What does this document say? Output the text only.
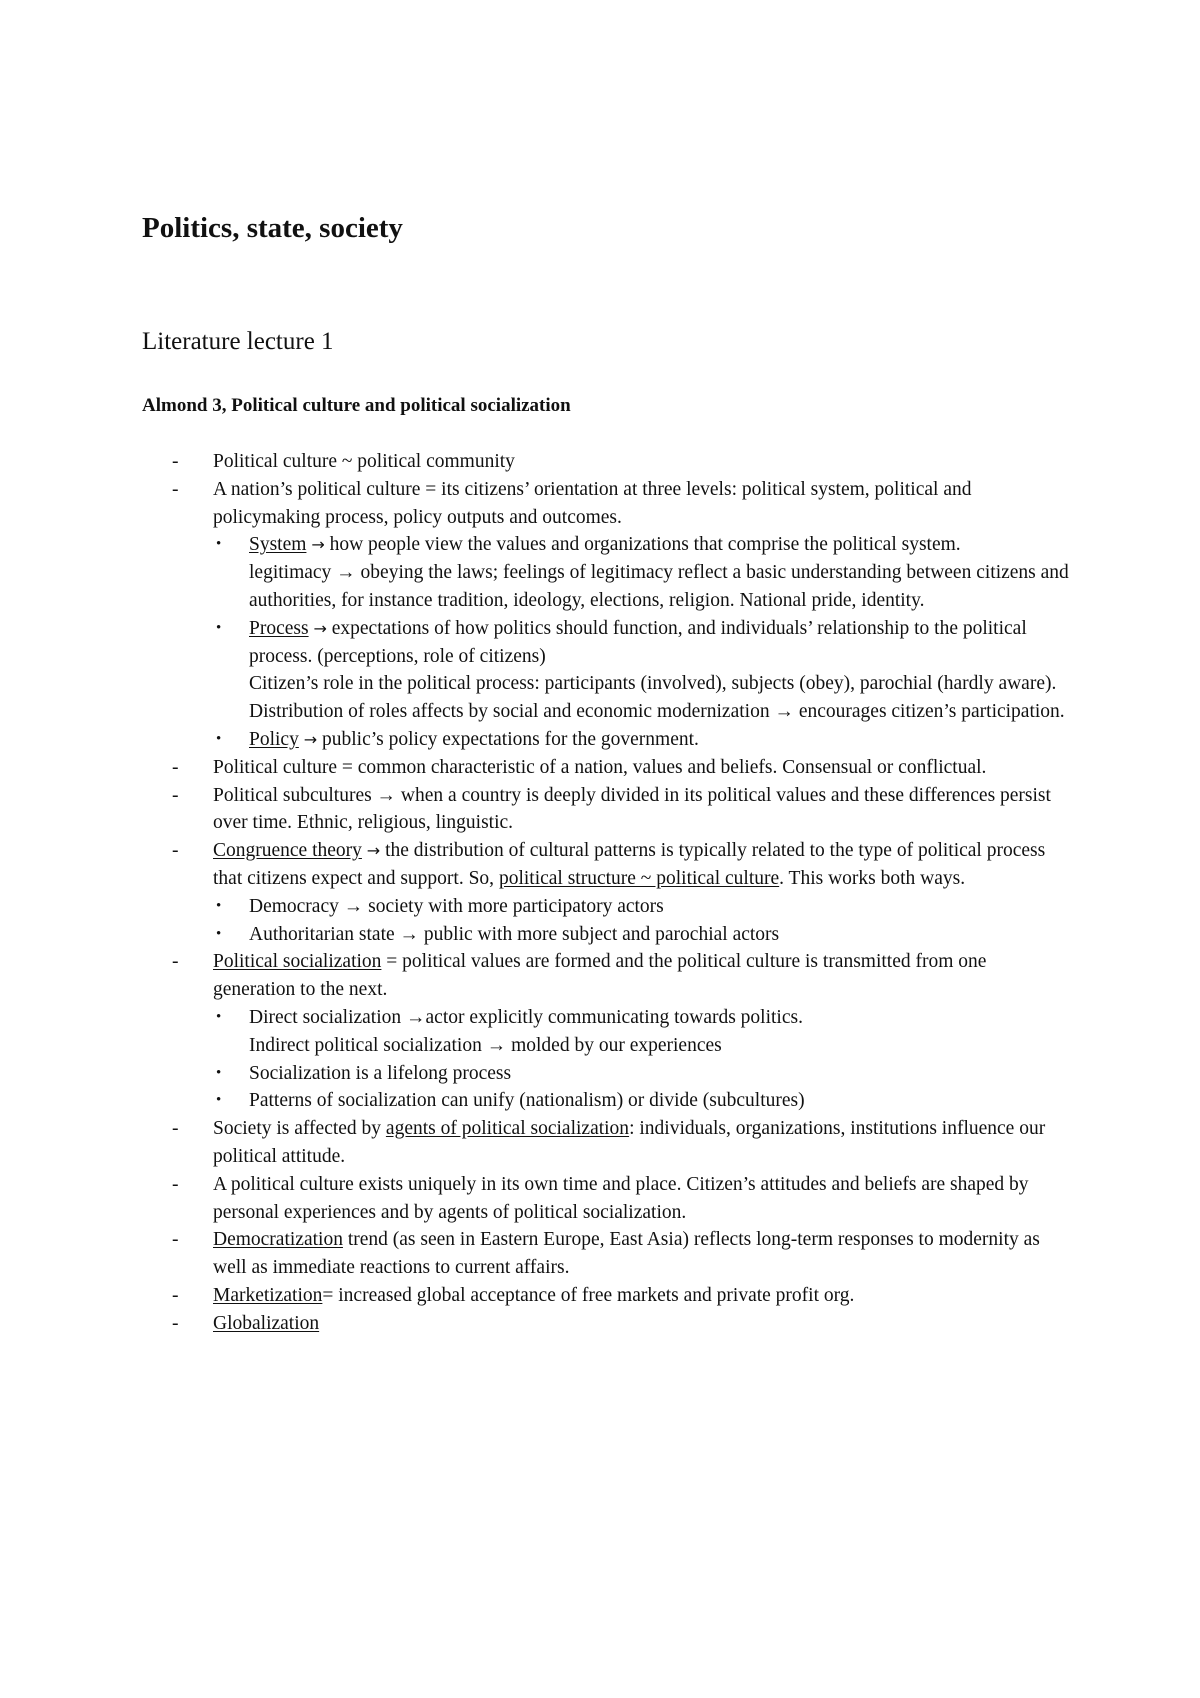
Politics, state, society
Literature lecture 1
Almond 3, Political culture and political socialization
- Political culture ~ political community
- A nation’s political culture = its citizens’ orientation at three levels: political system, political and policymaking process, policy outputs and outcomes.
• System → how people view the values and organizations that comprise the political system.
legitimacy → obeying the laws; feelings of legitimacy reflect a basic understanding between citizens and authorities, for instance tradition, ideology, elections, religion. National pride, identity.
• Process → expectations of how politics should function, and individuals’ relationship to the political process. (perceptions, role of citizens)
Citizen’s role in the political process: participants (involved), subjects (obey), parochial (hardly aware). Distribution of roles affects by social and economic modernization → encourages citizen’s participation.
• Policy → public’s policy expectations for the government.
- Political culture = common characteristic of a nation, values and beliefs. Consensual or conflictual.
- Political subcultures → when a country is deeply divided in its political values and these differences persist over time. Ethnic, religious, linguistic.
- Congruence theory → the distribution of cultural patterns is typically related to the type of political process that citizens expect and support. So, political structure ~ political culture. This works both ways.
• Democracy → society with more participatory actors
• Authoritarian state → public with more subject and parochial actors
- Political socialization = political values are formed and the political culture is transmitted from one generation to the next.
• Direct socialization →actor explicitly communicating towards politics.
Indirect political socialization → molded by our experiences
• Socialization is a lifelong process
• Patterns of socialization can unify (nationalism) or divide (subcultures)
- Society is affected by agents of political socialization: individuals, organizations, institutions influence our political attitude.
- A political culture exists uniquely in its own time and place. Citizen’s attitudes and beliefs are shaped by personal experiences and by agents of political socialization.
- Democratization trend (as seen in Eastern Europe, East Asia) reflects long-term responses to modernity as well as immediate reactions to current affairs.
- Marketization= increased global acceptance of free markets and private profit org.
- Globalization
